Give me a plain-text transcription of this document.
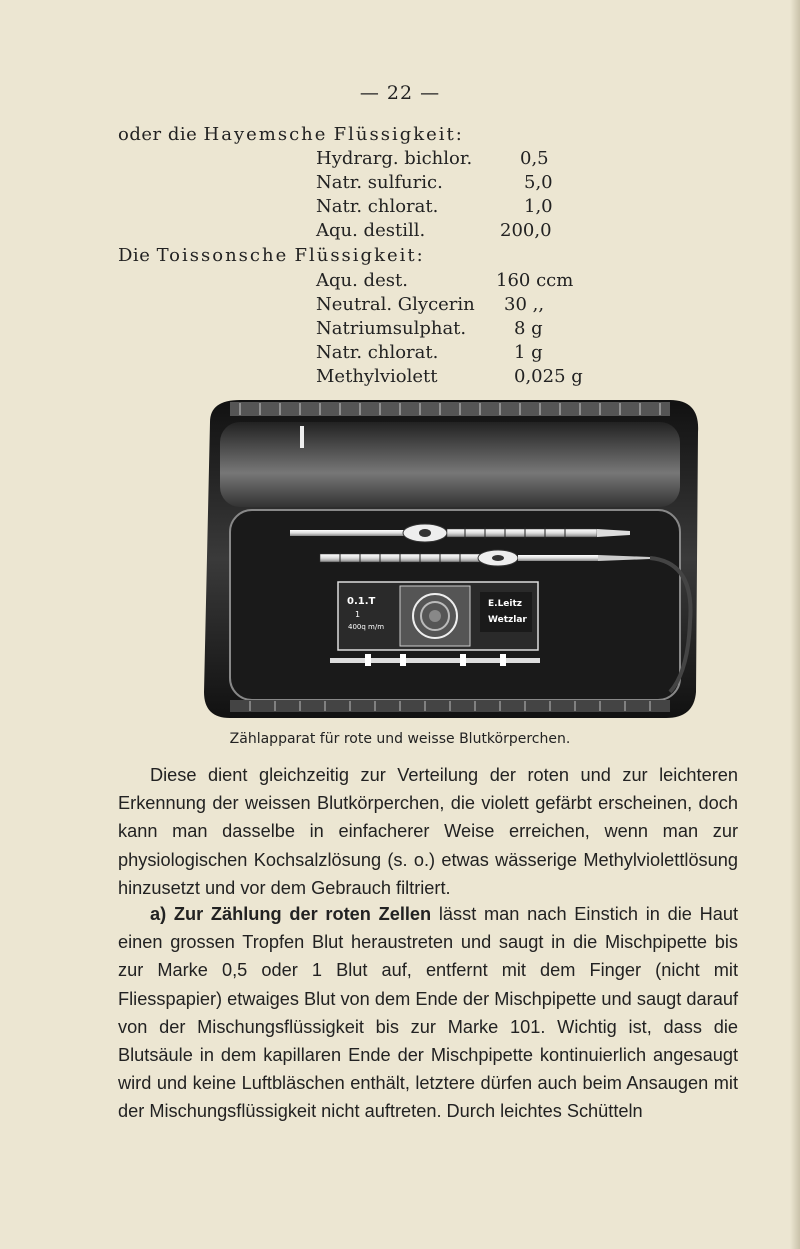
— 22 —
oder die Hayemsche Flüssigkeit:
Hydrarg. bichlor.	0,5
Natr. sulfuric.	5,0
Natr. chlorat.	1,0
Aqu. destill.	200,0
Die Toissonsche Flüssigkeit:
Aqu. dest.	160 ccm
Neutral. Glycerin 30 ,,
Natriumsulphat.	8 g
Natr. chlorat.	1 g
Methylviolett	0,025 g
0.1.T
1
400q m/m
E.Leitz
Wetzlar
Zählapparat für rote und weisse Blutkörperchen.

Diese dient gleichzeitig zur Verteilung der roten und zur leichteren Erkennung der weissen Blutkörperchen, die violett gefärbt erscheinen, doch kann man dasselbe in einfacherer Weise erreichen, wenn man zur physiologischen Kochsalzlösung (s. o.) etwas wässerige Methylviolettlösung hinzusetzt und vor dem Gebrauch filtriert.

a) Zur Zählung der roten Zellen lässt man nach Einstich in die Haut einen grossen Tropfen Blut heraustreten und saugt in die Mischpipette bis zur Marke 0,5 oder 1 Blut auf, entfernt mit dem Finger (nicht mit Fliesspapier) etwaiges Blut von dem Ende der Mischpipette und saugt darauf von der Mischungsflüssigkeit bis zur Marke 101. Wichtig ist, dass die Blutsäule in dem kapillaren Ende der Mischpipette kontinuierlich angesaugt wird und keine Luftbläschen enthält, letztere dürfen auch beim Ansaugen mit der Mischungsflüssigkeit nicht auftreten. Durch leichtes Schütteln
